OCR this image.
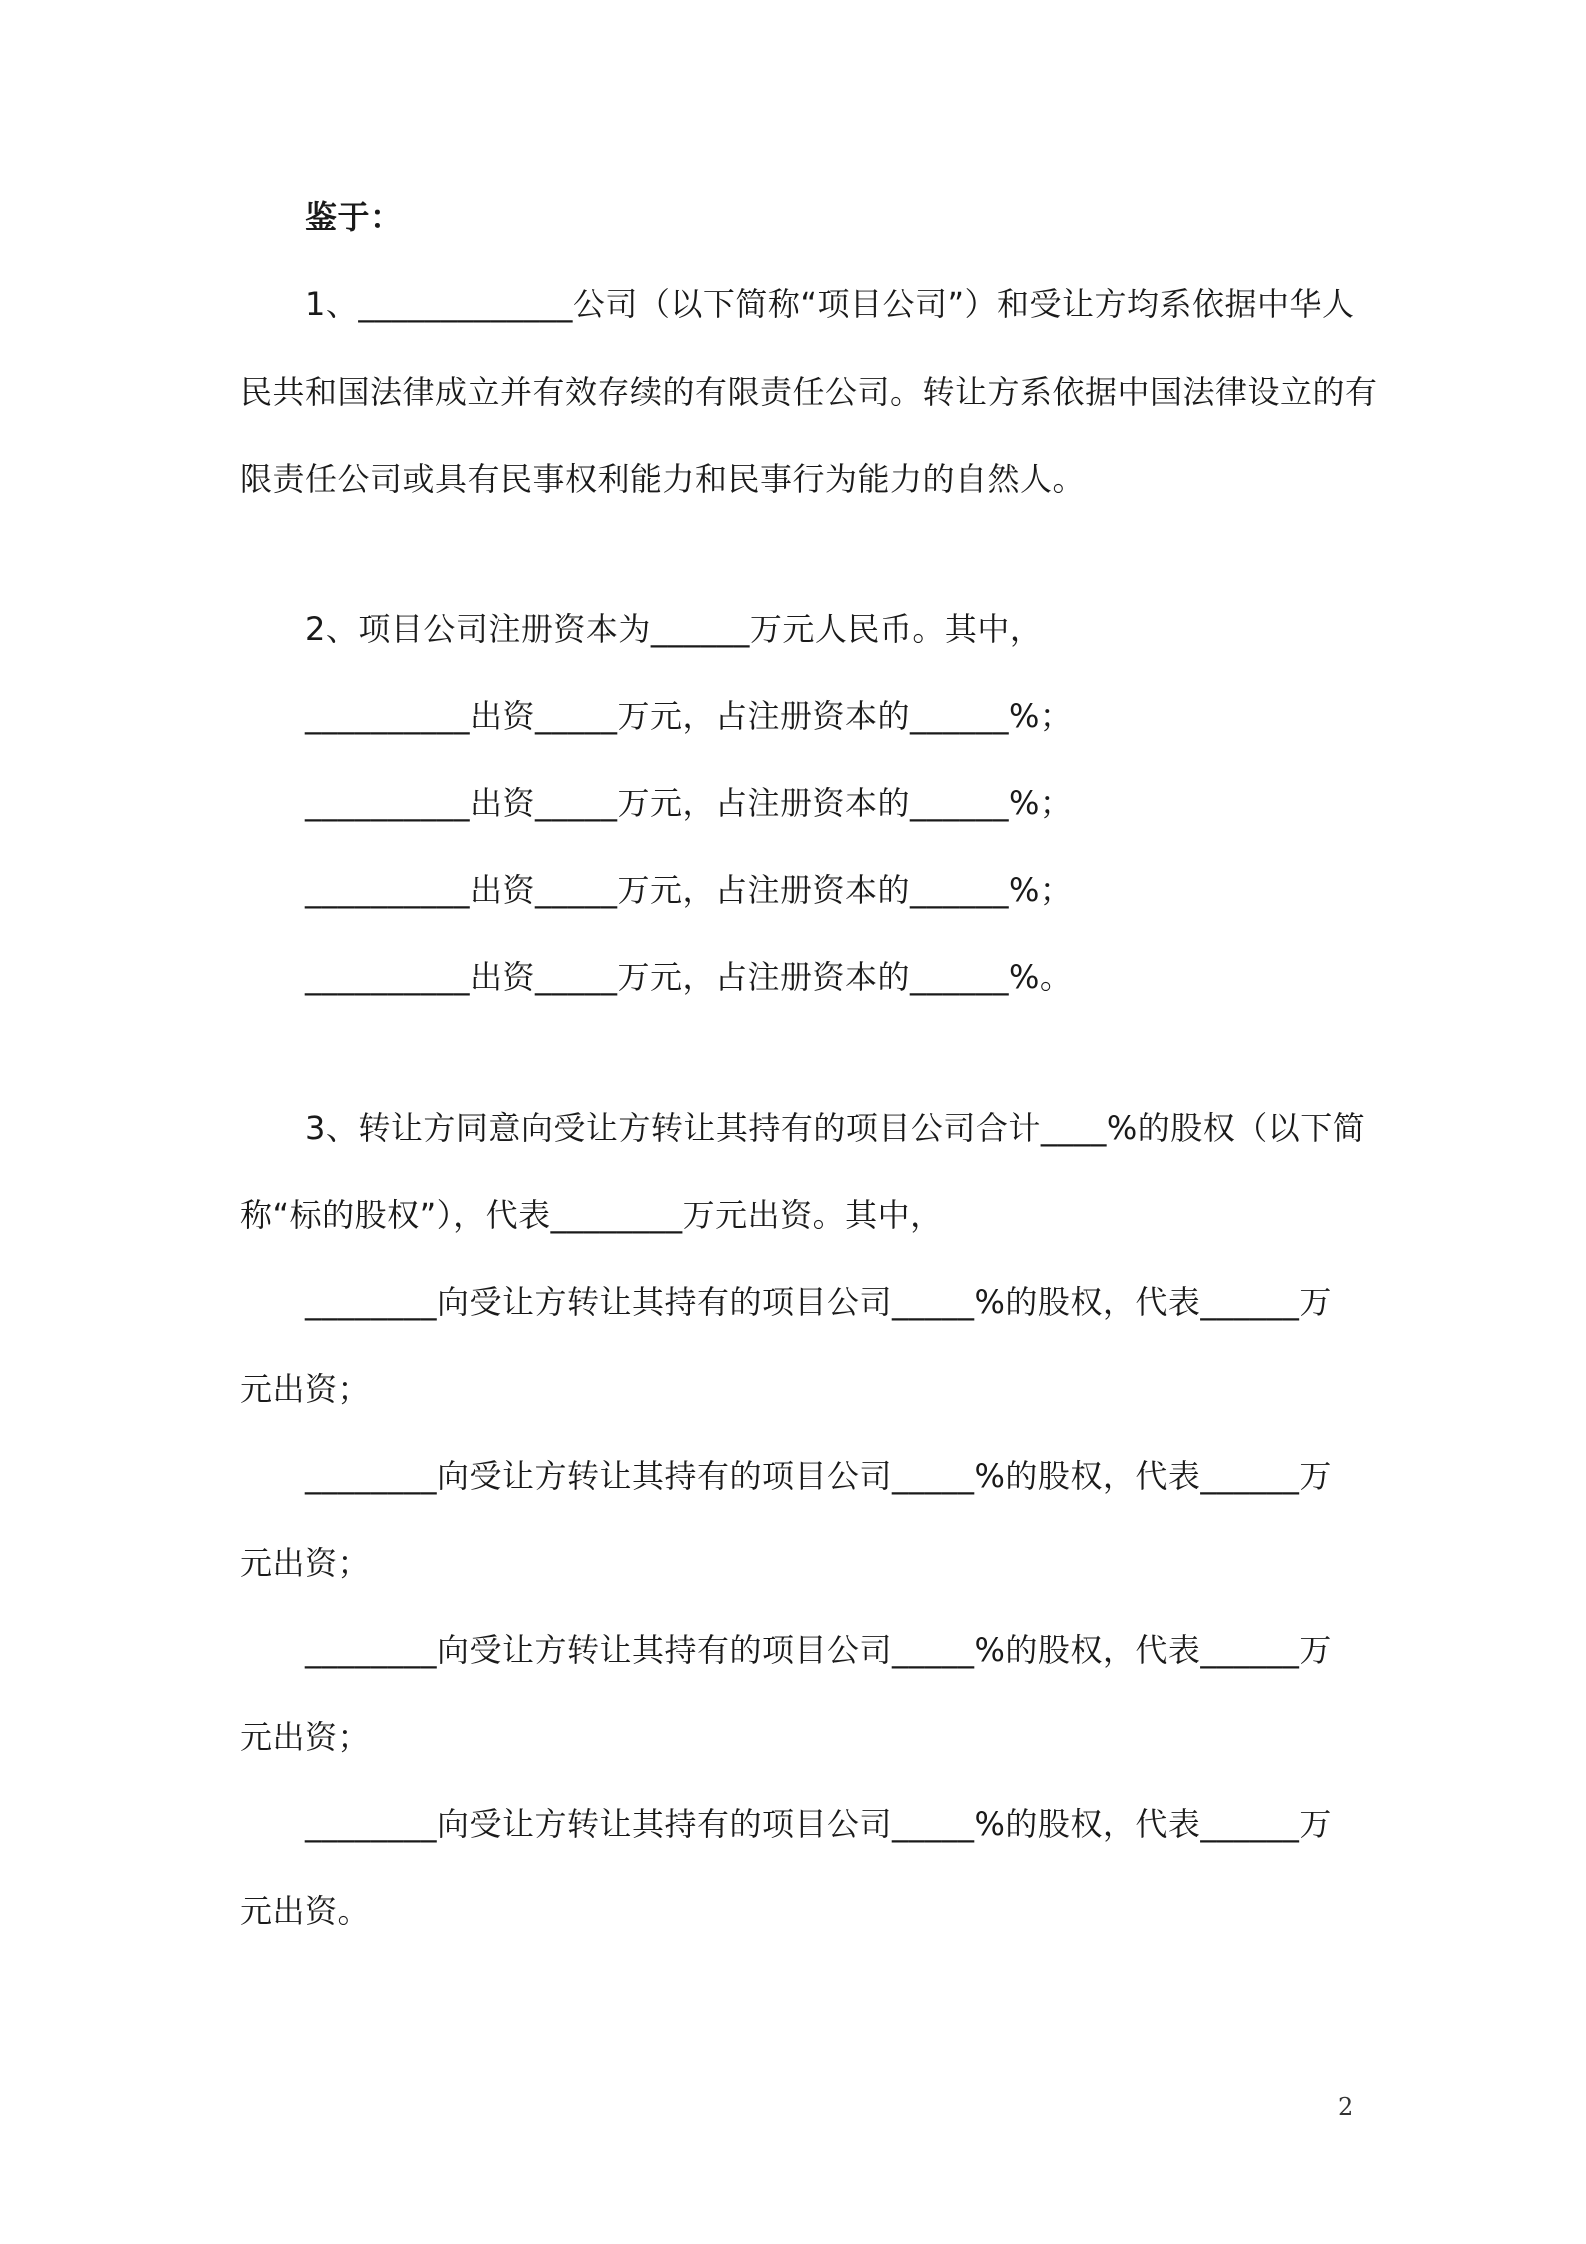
鉴于：
1、_____________公司（以下简称“项目公司”）和受让方均系依据中华人
民共和国法律成立并有效存续的有限责任公司。转让方系依据中国法律设立的有
限责任公司或具有民事权利能力和民事行为能力的自然人。
2、项目公司注册资本为______万元人民币。其中，
__________出资_____万元，占注册资本的______%；
__________出资_____万元，占注册资本的______%；
__________出资_____万元，占注册资本的______%；
__________出资_____万元，占注册资本的______%。
3、转让方同意向受让方转让其持有的项目公司合计____%的股权（以下简
称“标的股权”），代表________万元出资。其中，
________向受让方转让其持有的项目公司_____%的股权，代表______万
元出资；
________向受让方转让其持有的项目公司_____%的股权，代表______万
元出资；
________向受让方转让其持有的项目公司_____%的股权，代表______万
元出资；
________向受让方转让其持有的项目公司_____%的股权，代表______万
元出资。
2
